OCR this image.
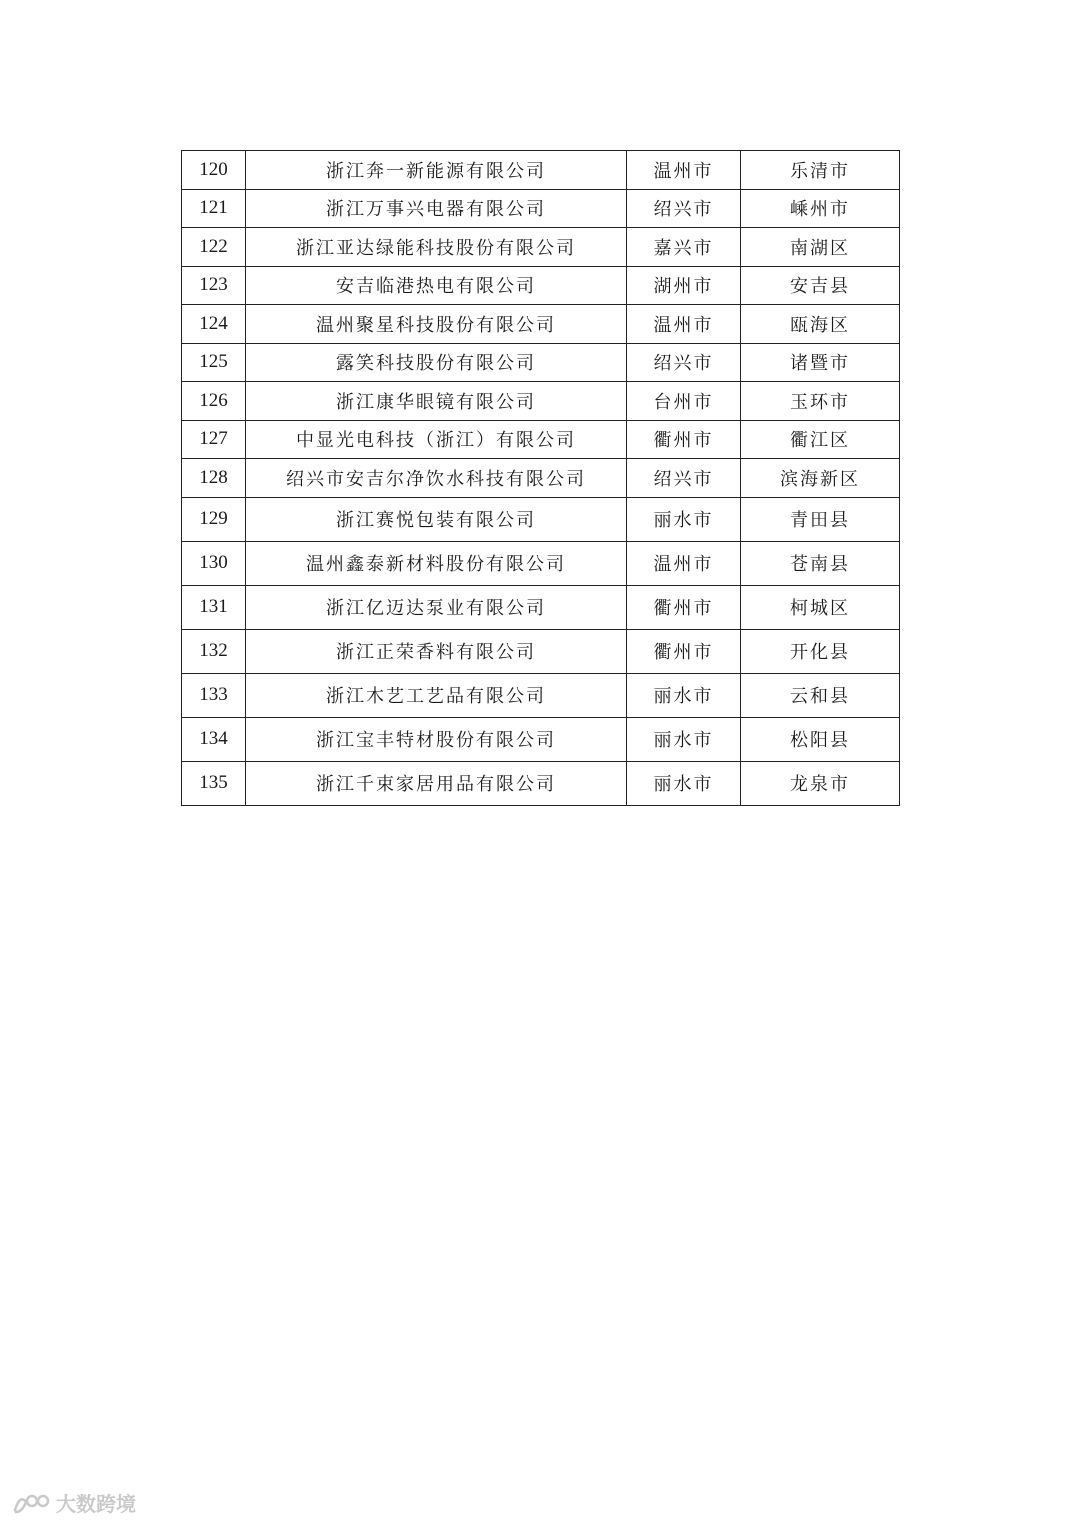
120	浙江奔一新能源有限公司	温州市	乐清市
121	浙江万事兴电器有限公司	绍兴市	嵊州市
122	浙江亚达绿能科技股份有限公司	嘉兴市	南湖区
123	安吉临港热电有限公司	湖州市	安吉县
124	温州聚星科技股份有限公司	温州市	瓯海区
125	露笑科技股份有限公司	绍兴市	诸暨市
126	浙江康华眼镜有限公司	台州市	玉环市
127	中显光电科技（浙江）有限公司	衢州市	衢江区
128	绍兴市安吉尔净饮水科技有限公司	绍兴市	滨海新区
129	浙江赛悦包装有限公司	丽水市	青田县
130	温州鑫泰新材料股份有限公司	温州市	苍南县
131	浙江亿迈达泵业有限公司	衢州市	柯城区
132	浙江正荣香料有限公司	衢州市	开化县
133	浙江木艺工艺品有限公司	丽水市	云和县
134	浙江宝丰特材股份有限公司	丽水市	松阳县
135	浙江千束家居用品有限公司	丽水市	龙泉市
大数跨境
